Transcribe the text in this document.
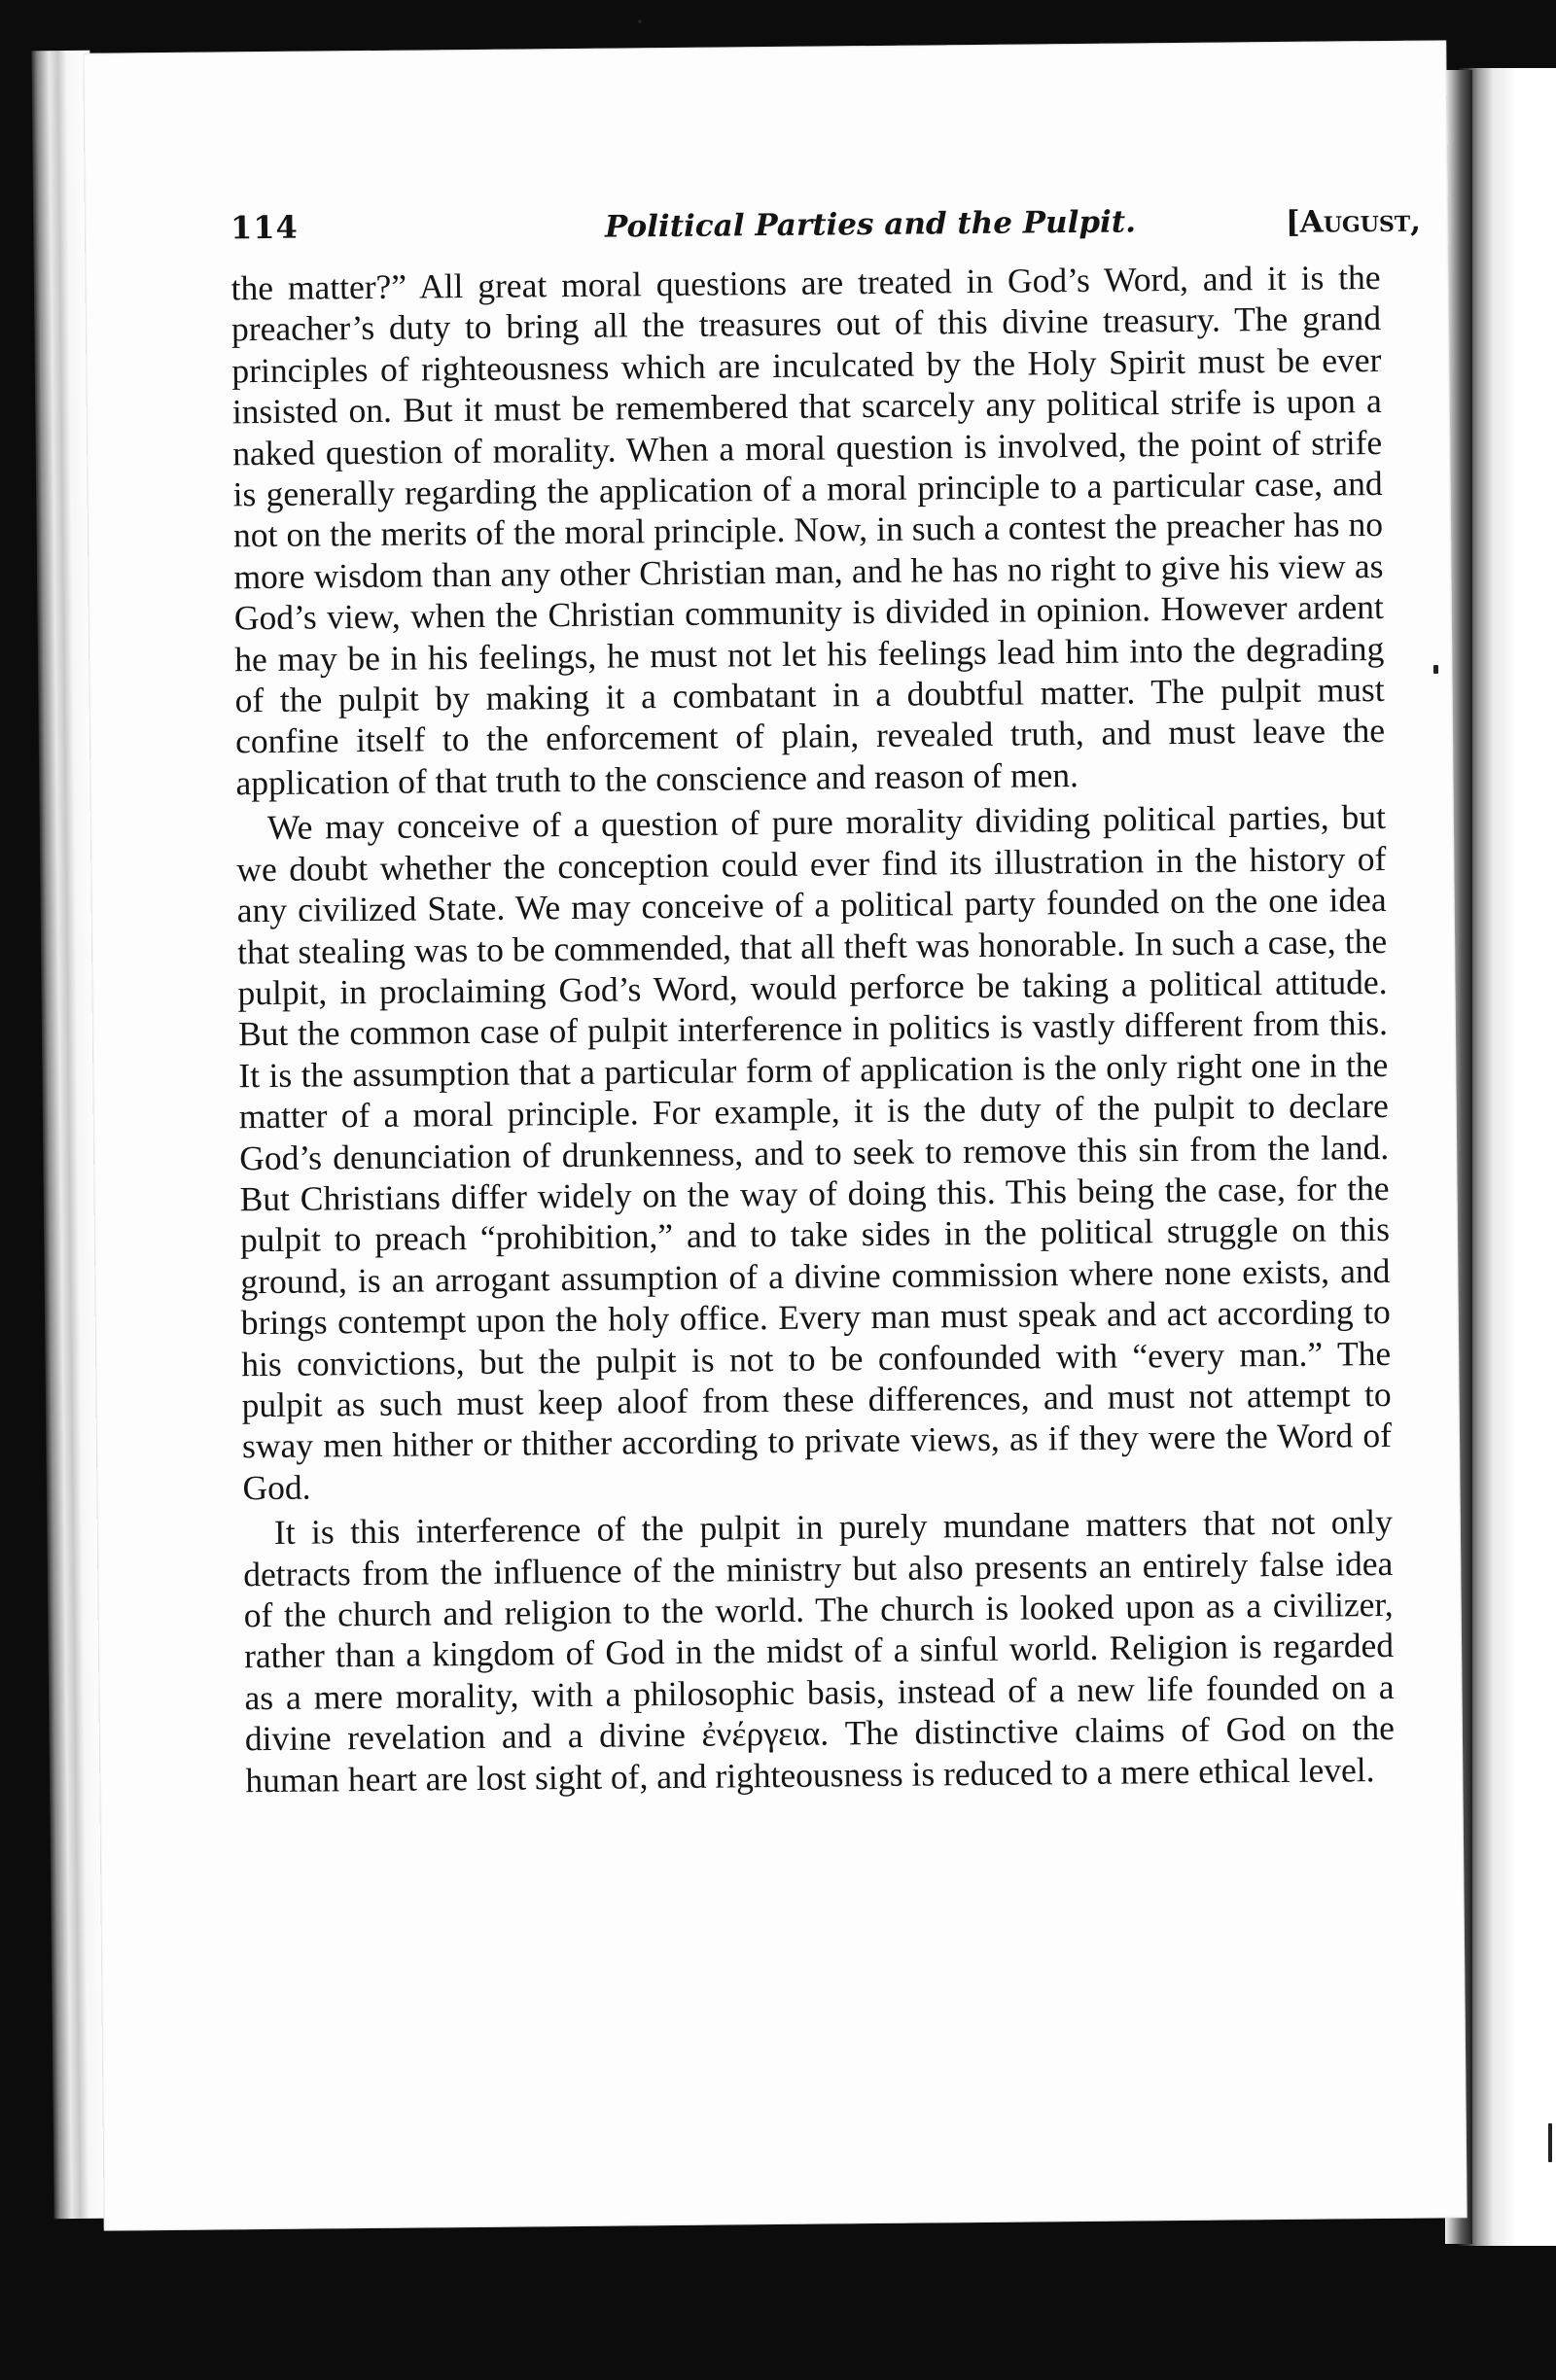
114	Political Parties and the Pulpit.	[August,

the matter?” All great moral questions are treated in God’s Word, and it is the preacher’s duty to bring all the treasures out of this divine treasury. The grand principles of righteousness which are inculcated by the Holy Spirit must be ever insisted on. But it must be remembered that scarcely any political strife is upon a naked question of morality. When a moral question is involved, the point of strife is generally regarding the application of a moral principle to a particular case, and not on the merits of the moral principle. Now, in such a contest the preacher has no more wisdom than any other Christian man, and he has no right to give his view as God’s view, when the Christian community is divided in opinion. However ardent he may be in his feelings, he must not let his feelings lead him into the degrading of the pulpit by making it a combatant in a doubtful matter. The pulpit must confine itself to the enforcement of plain, revealed truth, and must leave the application of that truth to the conscience and reason of men.

We may conceive of a question of pure morality dividing political parties, but we doubt whether the conception could ever find its illustration in the history of any civilized State. We may conceive of a political party founded on the one idea that stealing was to be commended, that all theft was honorable. In such a case, the pulpit, in proclaiming God’s Word, would perforce be taking a political attitude. But the common case of pulpit interference in politics is vastly different from this. It is the assumption that a particular form of application is the only right one in the matter of a moral principle. For example, it is the duty of the pulpit to declare God’s denunciation of drunkenness, and to seek to remove this sin from the land. But Christians differ widely on the way of doing this. This being the case, for the pulpit to preach “prohibition,” and to take sides in the political struggle on this ground, is an arrogant assumption of a divine commission where none exists, and brings contempt upon the holy office. Every man must speak and act according to his convictions, but the pulpit is not to be confounded with “every man.” The pulpit as such must keep aloof from these differences, and must not attempt to sway men hither or thither according to private views, as if they were the Word of God.

It is this interference of the pulpit in purely mundane matters that not only detracts from the influence of the ministry but also presents an entirely false idea of the church and religion to the world. The church is looked upon as a civilizer, rather than a kingdom of God in the midst of a sinful world. Religion is regarded as a mere morality, with a philosophic basis, instead of a new life founded on a divine revelation and a divine ἐνέργεια. The distinctive claims of God on the human heart are lost sight of, and righteousness is reduced to a mere ethical level.
